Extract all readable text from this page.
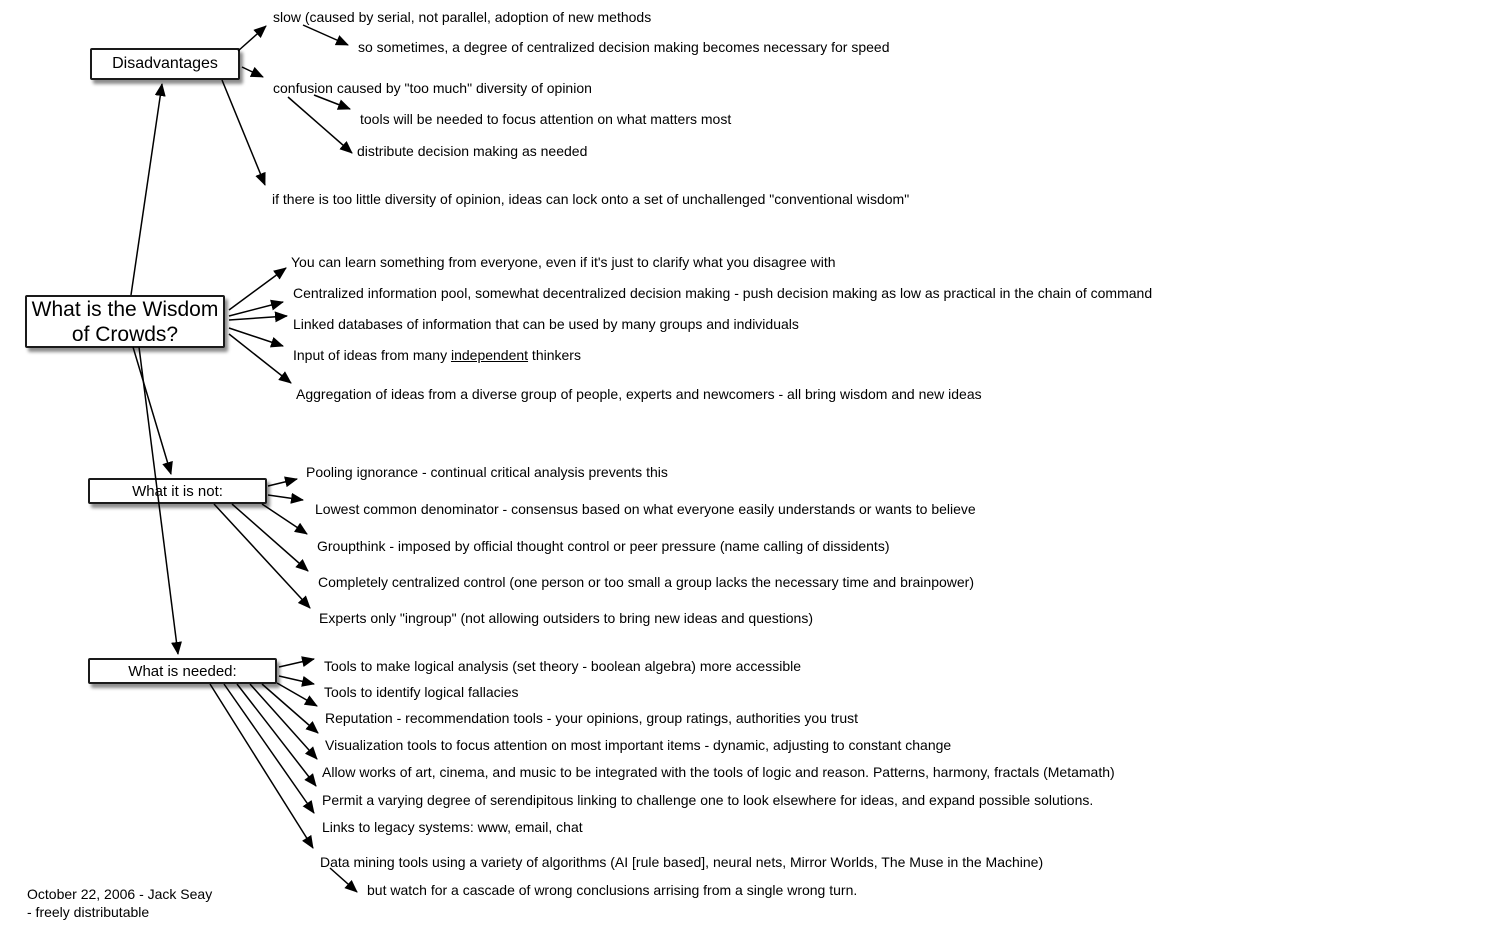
Disadvantages
What is the Wisdom
of Crowds?
What it is not:
What is needed:
slow (caused by serial, not parallel, adoption of new methods
so sometimes, a degree of centralized decision making becomes necessary for speed
confusion caused by "too much" diversity of opinion
tools will be needed to focus attention on what matters most
distribute decision making as needed
if there is too little diversity of opinion, ideas can lock onto a set of unchallenged "conventional wisdom"
You can learn something from everyone, even if it's just to clarify what you disagree with
Centralized information pool, somewhat decentralized decision making - push decision making as low as practical in the chain of command
Linked databases of information that can be used by many groups and individuals
Input of ideas from many independent thinkers
Aggregation of ideas from a diverse group of people, experts and newcomers - all bring wisdom and new ideas
Pooling ignorance - continual critical analysis prevents this
Lowest common denominator - consensus based on what everyone easily understands or wants to believe
Groupthink - imposed by official thought control or peer pressure (name calling of dissidents)
Completely centralized control (one person or too small a group lacks the necessary time and brainpower)
Experts only "ingroup" (not allowing outsiders to bring new ideas and questions)
Tools to make logical analysis (set theory - boolean algebra) more accessible
Tools to identify logical fallacies
Reputation - recommendation tools - your opinions, group ratings, authorities you trust
Visualization tools to focus attention on most important items - dynamic, adjusting to constant change
Allow works of art, cinema, and music to be integrated with the tools of logic and reason. Patterns, harmony, fractals (Metamath)
Permit a varying degree of serendipitous linking to challenge one to look elsewhere for ideas, and expand possible solutions.
Links to legacy systems: www, email, chat
Data mining tools using a variety of algorithms (AI [rule based], neural nets, Mirror Worlds, The Muse in the Machine)
but watch for a cascade of wrong conclusions arrising from a single wrong turn.
October 22, 2006 - Jack Seay
- freely distributable
